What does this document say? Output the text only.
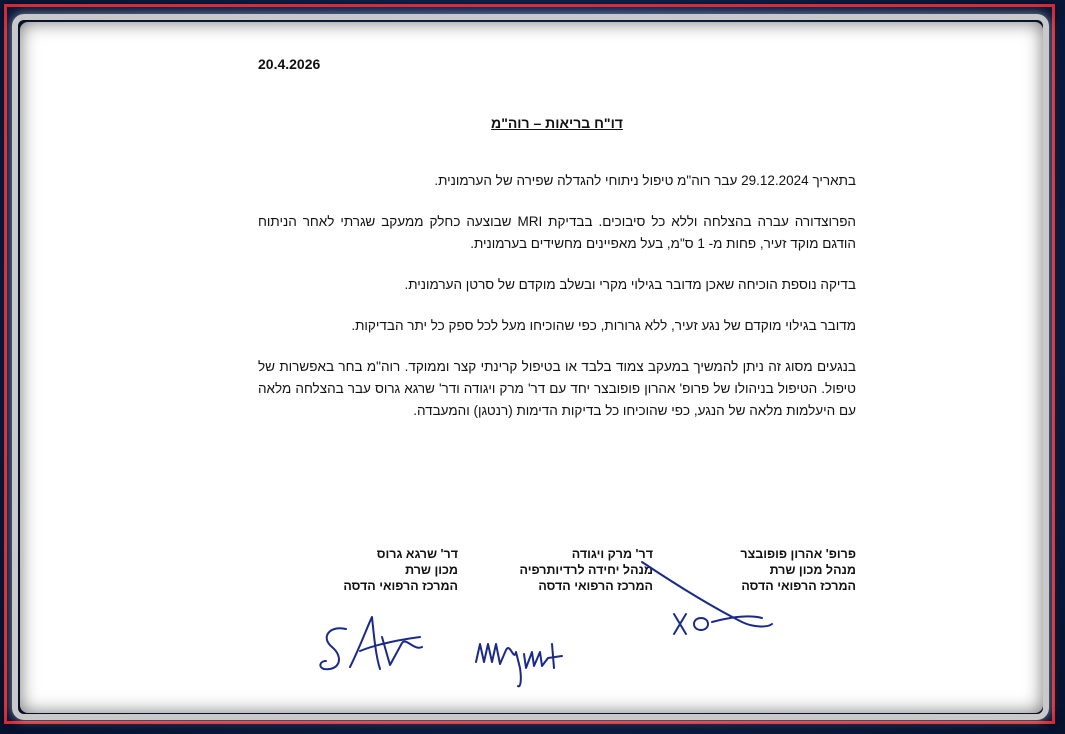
20.4.2026
דו"ח בריאות – רוה"מ

בתאריך 29.12.2024 עבר רוה"מ טיפול ניתוחי להגדלה שפירה של הערמונית.

הפרוצדורה עברה בהצלחה וללא כל סיבוכים. בבדיקת MRI שבוצעה כחלק ממעקב שגרתי לאחר הניתוח הודגם מוקד זעיר, פחות מ- 1 ס"מ, בעל מאפיינים מחשידים בערמונית.

בדיקה נוספת הוכיחה שאכן מדובר בגילוי מקרי ובשלב מוקדם של סרטן הערמונית.

מדובר בגילוי מוקדם של נגע זעיר, ללא גרורות, כפי שהוכיחו מעל לכל ספק כל יתר הבדיקות.

בנגעים מסוג זה ניתן להמשיך במעקב צמוד בלבד או בטיפול קרינתי קצר וממוקד. רוה"מ בחר באפשרות של טיפול. הטיפול בניהולו של פרופ' אהרון פופובצר יחד עם דר' מרק ויגודה ודר' שרגא גרוס עבר בהצלחה מלאה עם היעלמות מלאה של הנגע, כפי שהוכיחו כל בדיקות הדימות (רנטגן) והמעבדה.

פרופ' אהרון פופובצר
מנהל מכון שרת
המרכז הרפואי הדסה
דר' מרק ויגודה
מנהל יחידה לרדיותרפיה
המרכז הרפואי הדסה
דר' שרגא גרוס
מכון שרת
המרכז הרפואי הדסה
